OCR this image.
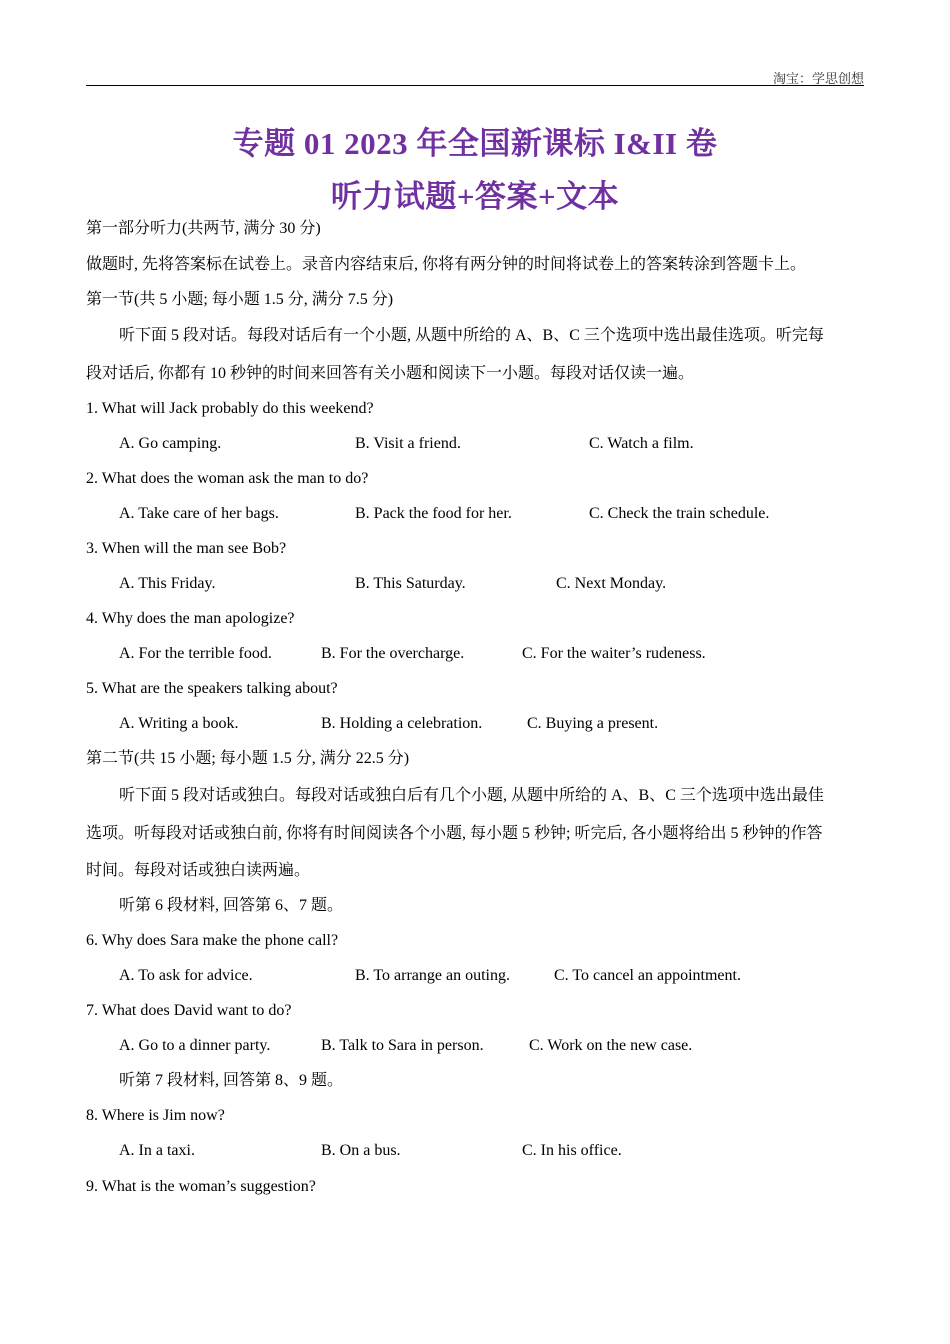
淘宝：学思创想
专题 01 2023 年全国新课标 I&II 卷
听力试题+答案+文本
第一部分听力(共两节, 满分 30 分)
做题时, 先将答案标在试卷上。录音内容结束后, 你将有两分钟的时间将试卷上的答案转涂到答题卡上。
第一节(共 5 小题; 每小题 1.5 分, 满分 7.5 分)
听下面 5 段对话。每段对话后有一个小题, 从题中所给的 A、B、C 三个选项中选出最佳选项。听完每
段对话后, 你都有 10 秒钟的时间来回答有关小题和阅读下一小题。每段对话仅读一遍。
1. What will Jack probably do this weekend?
A. Go camping.	B. Visit a friend.	C. Watch a film.
2. What does the woman ask the man to do?
A. Take care of her bags.	B. Pack the food for her.	C. Check the train schedule.
3. When will the man see Bob?
A. This Friday.	B. This Saturday.	C. Next Monday.
4. Why does the man apologize?
A. For the terrible food.	B. For the overcharge.	C. For the waiter’s rudeness.
5. What are the speakers talking about?
A. Writing a book.	B. Holding a celebration.	C. Buying a present.
第二节(共 15 小题; 每小题 1.5 分, 满分 22.5 分)
听下面 5 段对话或独白。每段对话或独白后有几个小题, 从题中所给的 A、B、C 三个选项中选出最佳
选项。听每段对话或独白前, 你将有时间阅读各个小题, 每小题 5 秒钟; 听完后, 各小题将给出 5 秒钟的作答
时间。每段对话或独白读两遍。
听第 6 段材料, 回答第 6、7 题。
6. Why does Sara make the phone call?
A. To ask for advice.	B. To arrange an outing.	C. To cancel an appointment.
7. What does David want to do?
A. Go to a dinner party.	B. Talk to Sara in person.	C. Work on the new case.
听第 7 段材料, 回答第 8、9 题。
8. Where is Jim now?
A. In a taxi.	B. On a bus.	C. In his office.
9. What is the woman’s suggestion?
